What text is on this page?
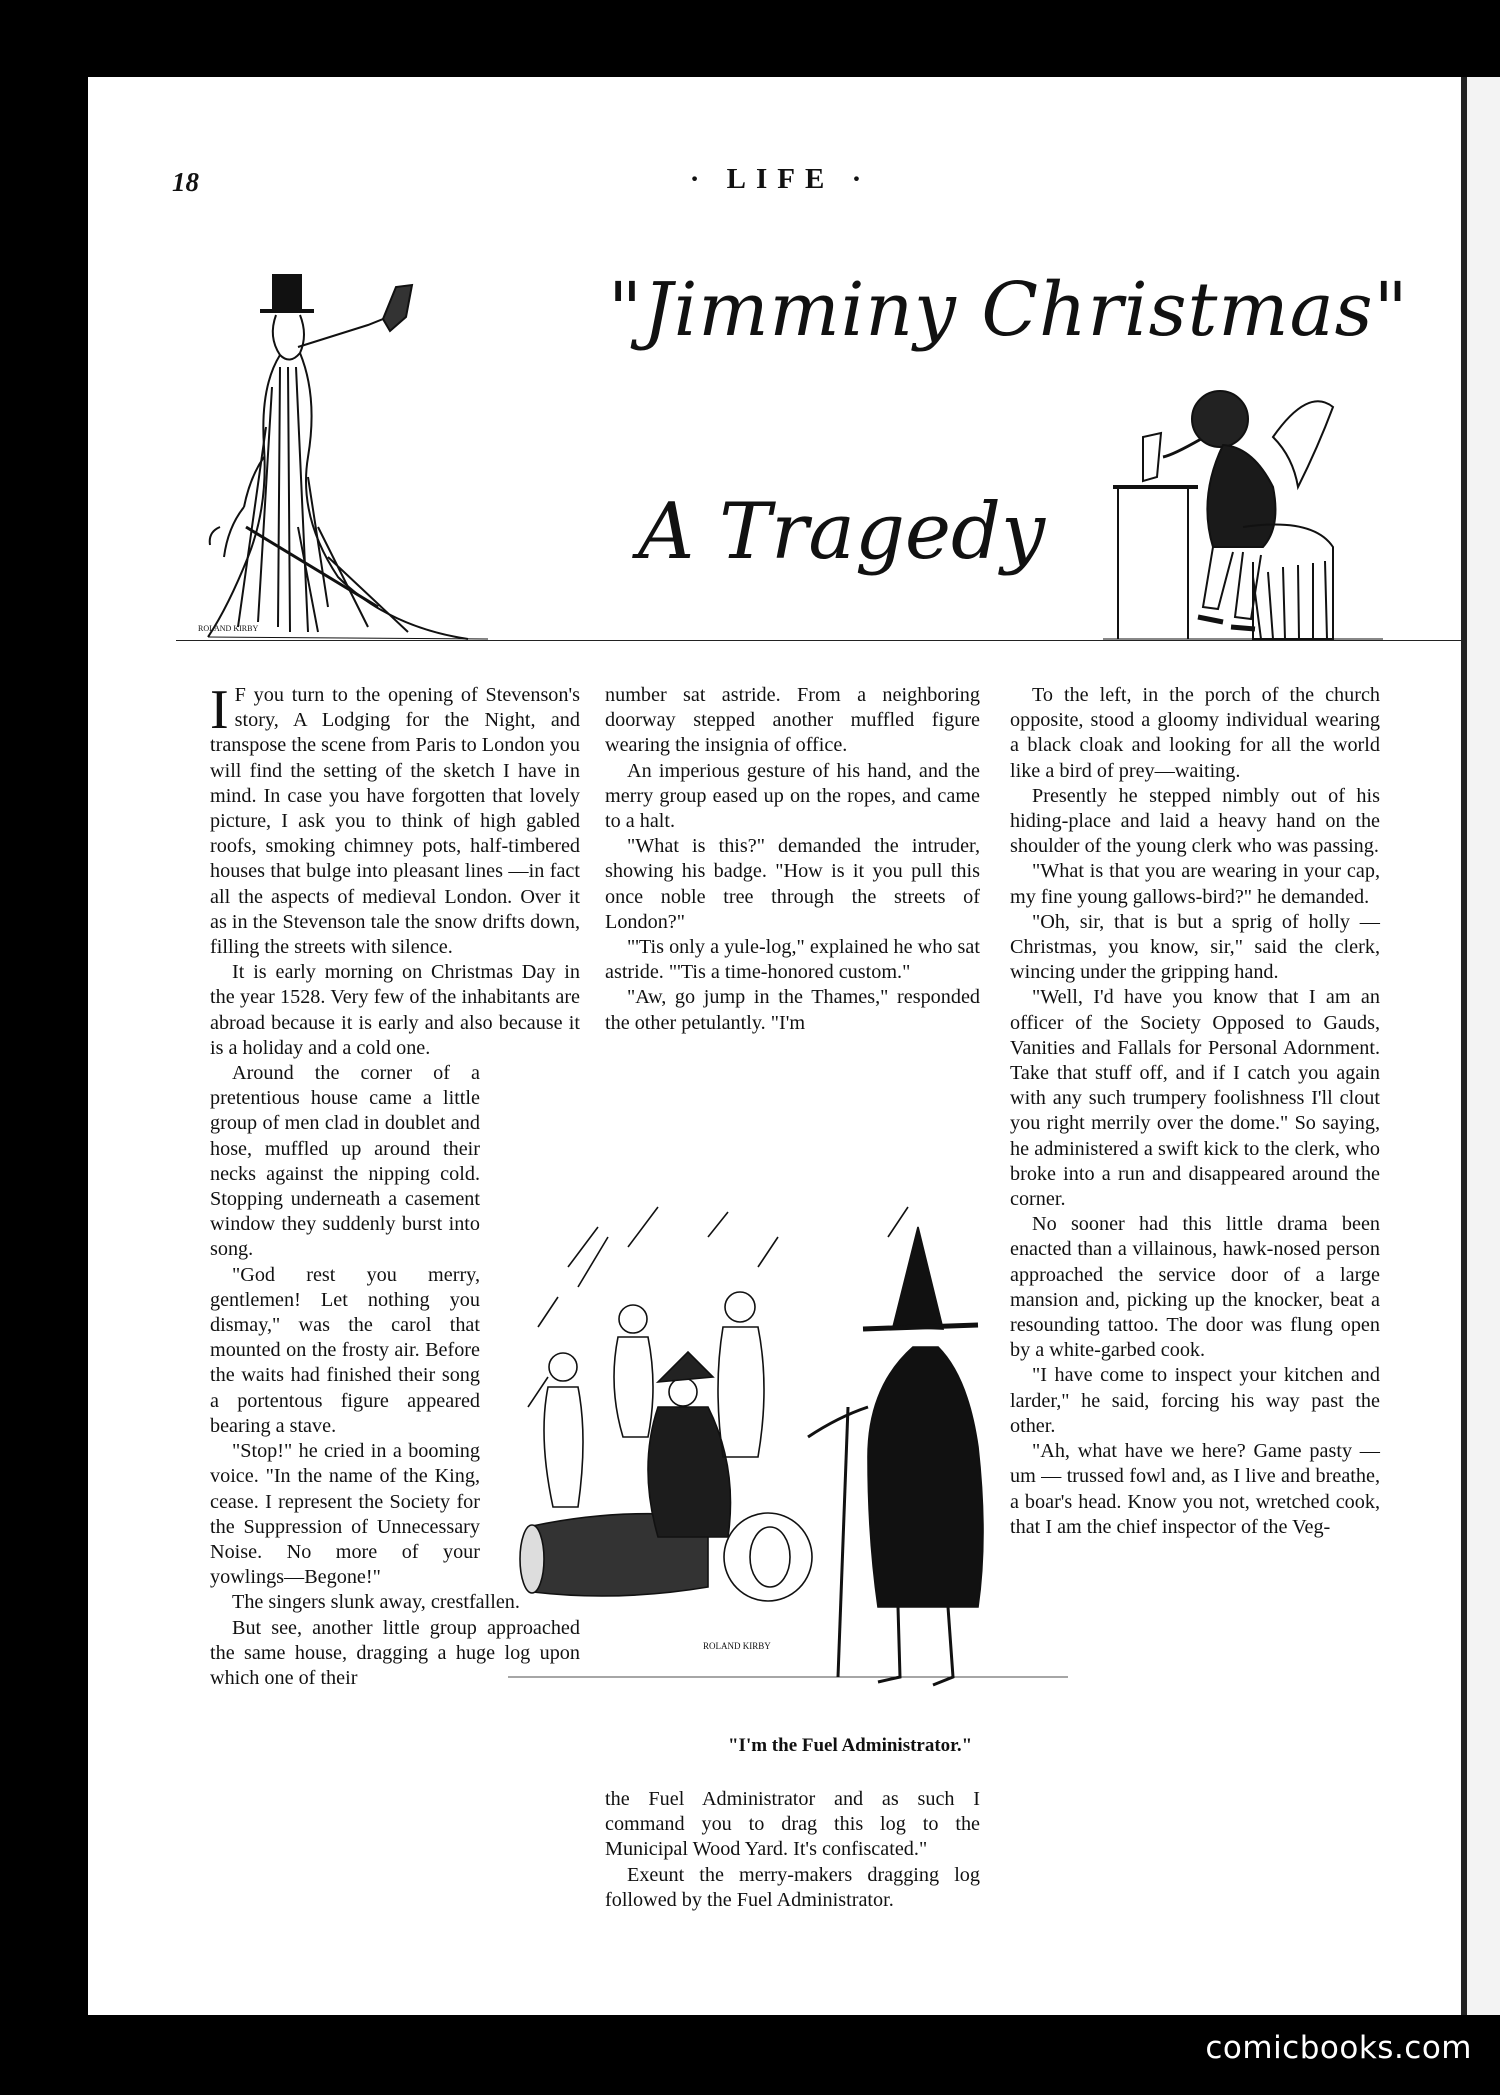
18	· LIFE ·
"Jimminy Christmas"
A Tragedy
ROLAND KIRBY

I F you turn to the opening of Stevenson's story, A Lodging for the Night, and transpose the scene from Paris to London you will find the setting of the sketch I have in mind. In case you have forgotten that lovely picture, I ask you to think of high gabled roofs, smoking chimney pots, half-timbered houses that bulge into pleasant lines —in fact all the aspects of medieval London. Over it as in the Stevenson tale the snow drifts down, filling the streets with silence.

It is early morning on Christmas Day in the year 1528. Very few of the inhabitants are abroad because it is early and also because it is a holiday and a cold one.

Around the corner of a pretentious house came a little group of men clad in doublet and hose, muffled up around their necks against the nipping cold. Stopping underneath a casement window they suddenly burst into song.

"God rest you merry, gentlemen! Let nothing you dismay," was the carol that mounted on the frosty air. Before the waits had finished their song a portentous figure appeared bearing a stave.

"Stop!" he cried in a booming voice. "In the name of the King, cease. I represent the Society for the Suppression of Unnecessary Noise. No more of your yowlings—Begone!"

The singers slunk away, crestfallen.

But see, another little group approached the same house, dragging a huge log upon which one of their

number sat astride. From a neighboring doorway stepped another muffled figure wearing the insignia of office.

An imperious gesture of his hand, and the merry group eased up on the ropes, and came to a halt.

"What is this?" demanded the intruder, showing his badge. "How is it you pull this once noble tree through the streets of London?"

"'Tis only a yule-log," explained he who sat astride. "'Tis a time-honored custom."

"Aw, go jump in the Thames," responded the other petulantly. "I'm

ROLAND KIRBY
"I'm the Fuel Administrator."

the Fuel Administrator and as such I command you to drag this log to the Municipal Wood Yard. It's confiscated."

Exeunt the merry-makers dragging log followed by the Fuel Administrator.

To the left, in the porch of the church opposite, stood a gloomy individual wearing a black cloak and looking for all the world like a bird of prey—waiting.

Presently he stepped nimbly out of his hiding-place and laid a heavy hand on the shoulder of the young clerk who was passing.

"What is that you are wearing in your cap, my fine young gallows-bird?" he demanded.

"Oh, sir, that is but a sprig of holly — Christmas, you know, sir," said the clerk, wincing under the gripping hand.

"Well, I'd have you know that I am an officer of the Society Opposed to Gauds, Vanities and Fallals for Personal Adornment. Take that stuff off, and if I catch you again with any such trumpery foolishness I'll clout you right merrily over the dome." So saying, he administered a swift kick to the clerk, who broke into a run and disappeared around the corner.

No sooner had this little drama been enacted than a villainous, hawk-nosed person approached the service door of a large mansion and, picking up the knocker, beat a resounding tattoo. The door was flung open by a white-garbed cook.

"I have come to inspect your kitchen and larder," he said, forcing his way past the other.

"Ah, what have we here? Game pasty — um — trussed fowl and, as I live and breathe, a boar's head. Know you not, wretched cook, that I am the chief inspector of the Veg-

comicbooks.com
